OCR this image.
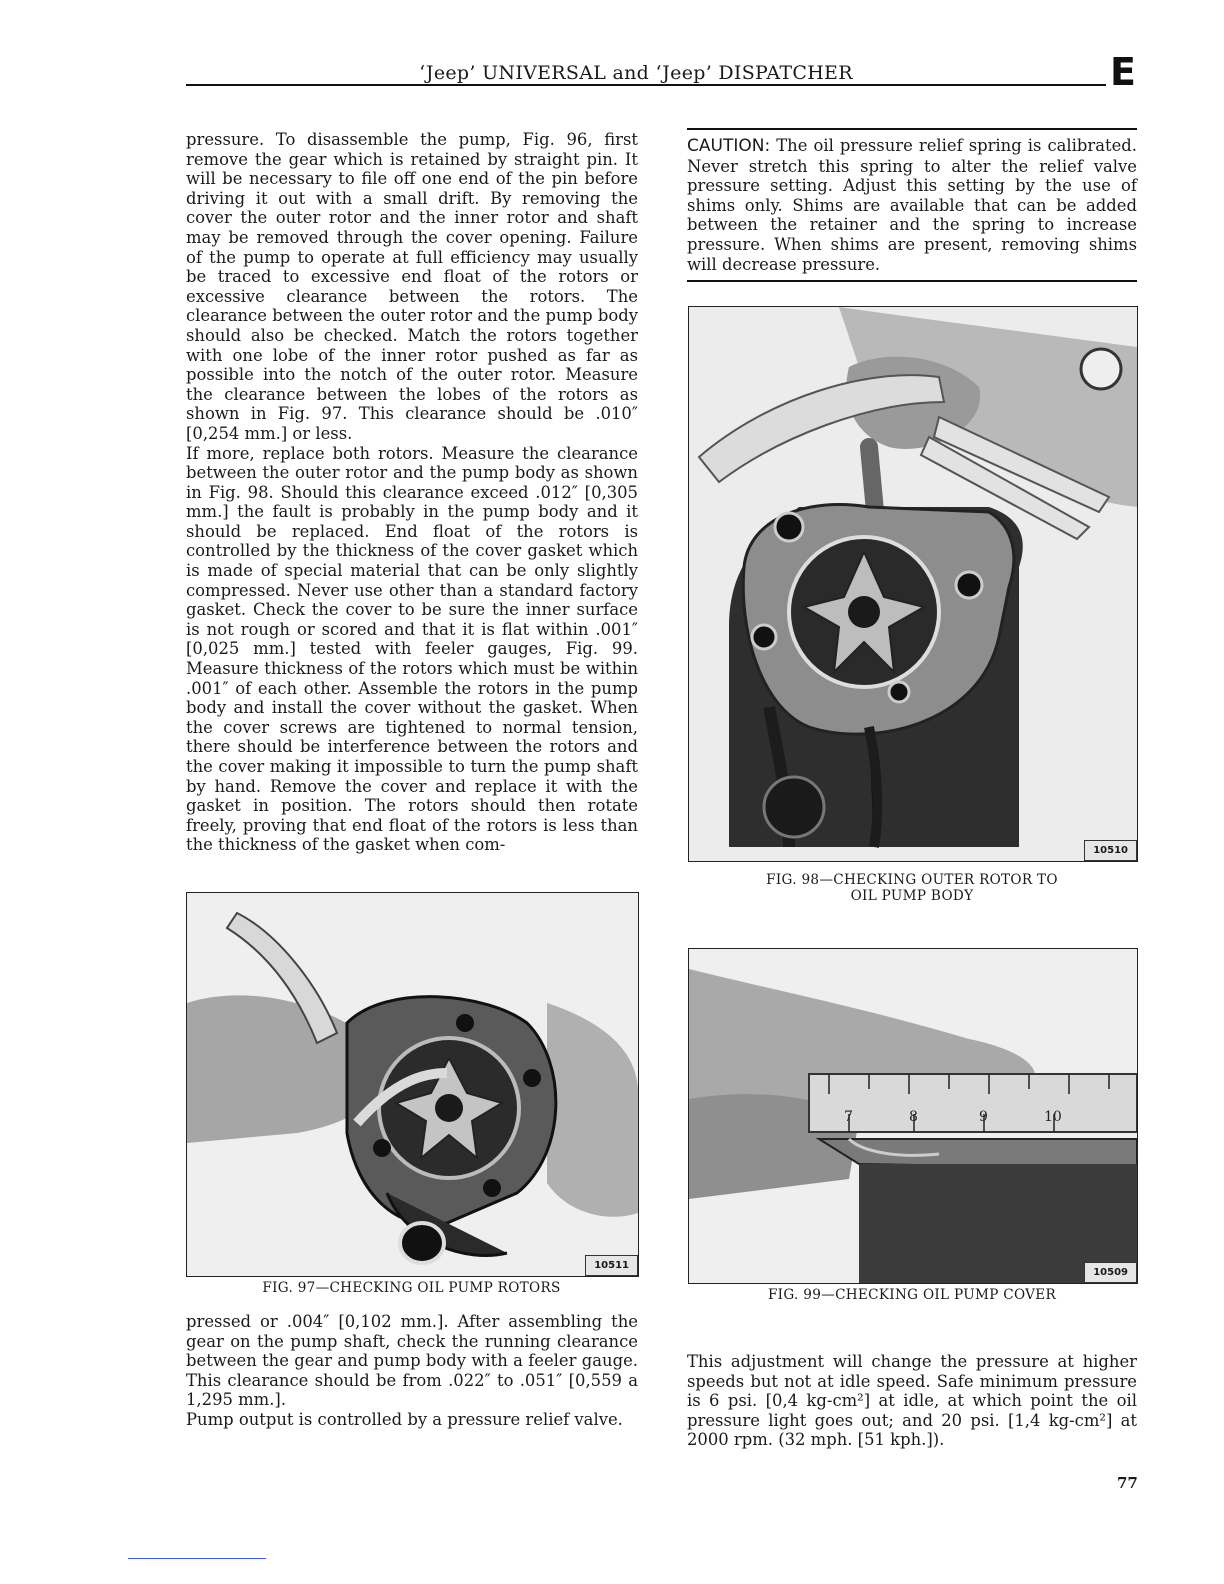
‘Jeep’ UNIVERSAL and ‘Jeep’ DISPATCHER	E

pressure. To disassemble the pump, Fig. 96, first remove the gear which is retained by straight pin. It will be necessary to file off one end of the pin before driving it out with a small drift. By removing the cover the outer rotor and the inner rotor and shaft may be removed through the cover opening. Failure of the pump to operate at full efficiency may usually be traced to excessive end float of the rotors or excessive clearance between the rotors. The clearance between the outer rotor and the pump body should also be checked. Match the rotors together with one lobe of the inner rotor pushed as far as possible into the notch of the outer rotor. Measure the clearance between the lobes of the rotors as shown in Fig. 97. This clearance should be .010″ [0,254 mm.] or less.

If more, replace both rotors. Measure the clearance between the outer rotor and the pump body as shown in Fig. 98. Should this clearance exceed .012″ [0,305 mm.] the fault is probably in the pump body and it should be replaced. End float of the rotors is controlled by the thickness of the cover gasket which is made of special material that can be only slightly compressed. Never use other than a standard factory gasket. Check the cover to be sure the inner surface is not rough or scored and that it is flat within .001″ [0,025 mm.] tested with feeler gauges, Fig. 99. Measure thickness of the rotors which must be within .001″ of each other. Assemble the rotors in the pump body and install the cover without the gasket. When the cover screws are tightened to normal tension, there should be interference between the rotors and the cover making it impossible to turn the pump shaft by hand. Remove the cover and replace it with the gasket in position. The rotors should then rotate freely, proving that end float of the rotors is less than the thickness of the gasket when com-

CAUTION: The oil pressure relief spring is calibrated. Never stretch this spring to alter the relief valve pressure setting. Adjust this setting by the use of shims only. Shims are available that can be added between the retainer and the spring to increase pressure. When shims are present, removing shims will decrease pressure.
10510
FIG. 98—CHECKING OUTER ROTOR TO
OIL PUMP BODY
10511
FIG. 97—CHECKING OIL PUMP ROTORS
7	8	9	10
10509
FIG. 99—CHECKING OIL PUMP COVER

pressed or .004″ [0,102 mm.]. After assembling the gear on the pump shaft, check the running clearance between the gear and pump body with a feeler gauge. This clearance should be from .022″ to .051″ [0,559 a 1,295 mm.].

Pump output is controlled by a pressure relief valve.

This adjustment will change the pressure at higher speeds but not at idle speed. Safe minimum pressure is 6 psi. [0,4 kg-cm²] at idle, at which point the oil pressure light goes out; and 20 psi. [1,4 kg-cm²] at 2000 rpm. (32 mph. [51 kph.]).

77
